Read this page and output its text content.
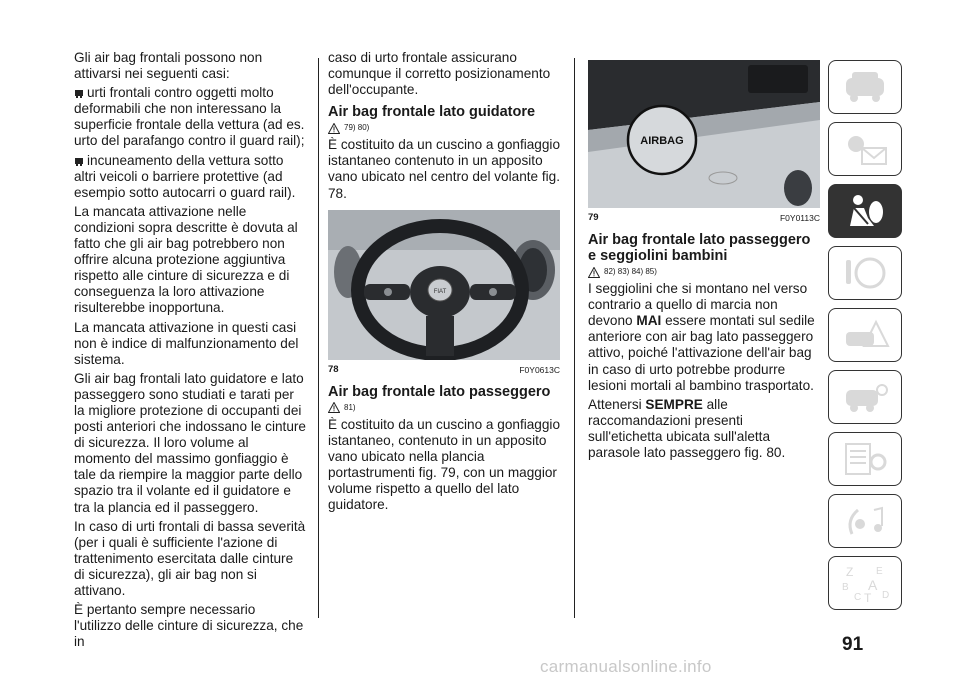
Gli air bag frontali possono non attivarsi nei seguenti casi:

urti frontali contro oggetti molto deformabili che non interessano la superficie frontale della vettura (ad es. urto del parafango contro il guard rail);

incuneamento della vettura sotto altri veicoli o barriere protettive (ad esempio sotto autocarri o guard rail).

La mancata attivazione nelle condizioni sopra descritte è dovuta al fatto che gli air bag potrebbero non offrire alcuna protezione aggiuntiva rispetto alle cinture di sicurezza e di conseguenza la loro attivazione risulterebbe inopportuna.

La mancata attivazione in questi casi non è indice di malfunzionamento del sistema.

Gli air bag frontali lato guidatore e lato passeggero sono studiati e tarati per la migliore protezione di occupanti dei posti anteriori che indossano le cinture di sicurezza. Il loro volume al momento del massimo gonfiaggio è tale da riempire la maggior parte dello spazio tra il volante ed il guidatore e tra la plancia ed il passeggero.

In caso di urti frontali di bassa severità (per i quali è sufficiente l'azione di trattenimento esercitata dalle cinture di sicurezza), gli air bag non si attivano.

È pertanto sempre necessario l'utilizzo delle cinture di sicurezza, che in

caso di urto frontale assicurano comunque il corretto posizionamento dell'occupante.

Air bag frontale lato guidatore
79) 80)

È costituito da un cuscino a gonfiaggio istantaneo contenuto in un apposito vano ubicato nel centro del volante fig. 78.

FIAT
78	F0Y0613C
Air bag frontale lato passeggero
81)

È costituito da un cuscino a gonfiaggio istantaneo, contenuto in un apposito vano ubicato nella plancia portastrumenti fig. 79, con un maggior volume rispetto a quello del lato guidatore.

AIRBAG
79	F0Y0113C
Air bag frontale lato passeggero e seggiolini bambini
82) 83) 84) 85)

I seggiolini che si montano nel verso contrario a quello di marcia non devono MAI essere montati sul sedile anteriore con air bag lato passeggero attivo, poiché l'attivazione dell'air bag in caso di urto potrebbe produrre lesioni mortali al bambino trasportato.

Attenersi SEMPRE alle raccomandazioni presenti sull'etichetta ubicata sull'aletta parasole lato passeggero fig. 80.

Z E
B A
C T D
91
carmanualsonline.info
